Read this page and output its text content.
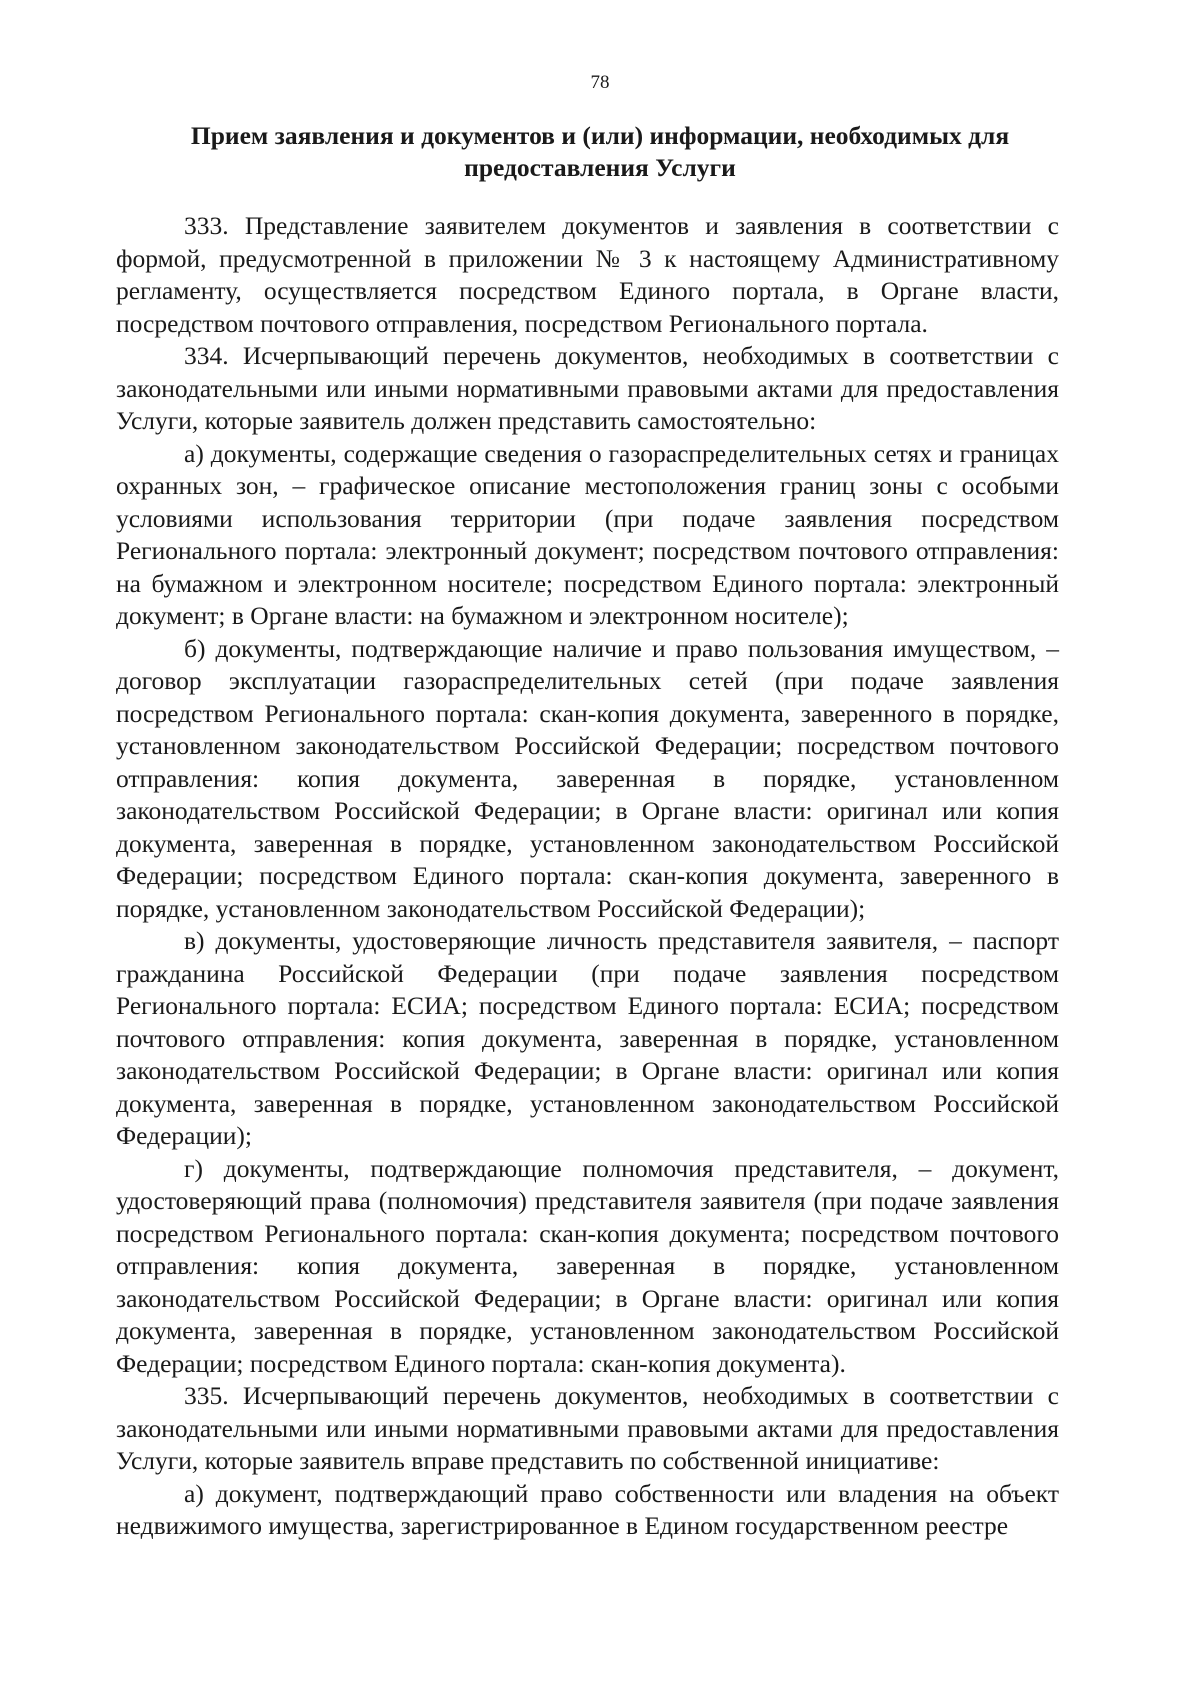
78
Прием заявления и документов и (или) информации, необходимых для
предоставления Услуги

333. Представление заявителем документов и заявления в соответствии с формой, предусмотренной в приложении № 3 к настоящему Административному регламенту, осуществляется посредством Единого портала, в Органе власти, посредством почтового отправления, посредством Регионального портала.

334. Исчерпывающий перечень документов, необходимых в соответствии с законодательными или иными нормативными правовыми актами для предоставления Услуги, которые заявитель должен представить самостоятельно:

а) документы, содержащие сведения о газораспределительных сетях и границах охранных зон, – графическое описание местоположения границ зоны с особыми условиями использования территории (при подаче заявления посредством Регионального портала: электронный документ; посредством почтового отправления: на бумажном и электронном носителе; посредством Единого портала: электронный документ; в Органе власти: на бумажном и электронном носителе);

б) документы, подтверждающие наличие и право пользования имуществом, – договор эксплуатации газораспределительных сетей (при подаче заявления посредством Регионального портала: скан-копия документа, заверенного в порядке, установленном законодательством Российской Федерации; посредством почтового отправления: копия документа, заверенная в порядке, установленном законодательством Российской Федерации; в Органе власти: оригинал или копия документа, заверенная в порядке, установленном законодательством Российской Федерации; посредством Единого портала: скан-копия документа, заверенного в порядке, установленном законодательством Российской Федерации);

в) документы, удостоверяющие личность представителя заявителя, – паспорт гражданина Российской Федерации (при подаче заявления посредством Регионального портала: ЕСИА; посредством Единого портала: ЕСИА; посредством почтового отправления: копия документа, заверенная в порядке, установленном законодательством Российской Федерации; в Органе власти: оригинал или копия документа, заверенная в порядке, установленном законодательством Российской Федерации);

г) документы, подтверждающие полномочия представителя, – документ, удостоверяющий права (полномочия) представителя заявителя (при подаче заявления посредством Регионального портала: скан-копия документа; посредством почтового отправления: копия документа, заверенная в порядке, установленном законодательством Российской Федерации; в Органе власти: оригинал или копия документа, заверенная в порядке, установленном законодательством Российской Федерации; посредством Единого портала: скан-копия документа).

335. Исчерпывающий перечень документов, необходимых в соответствии с законодательными или иными нормативными правовыми актами для предоставления Услуги, которые заявитель вправе представить по собственной инициативе:

а) документ, подтверждающий право собственности или владения на объект недвижимого имущества, зарегистрированное в Едином государственном реестре
